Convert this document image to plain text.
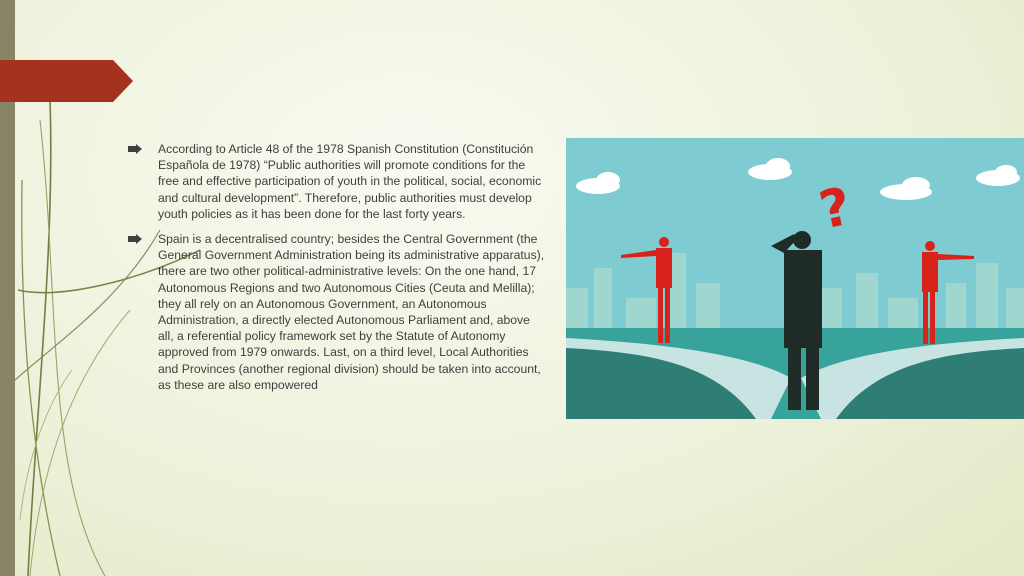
According to Article 48 of the 1978 Spanish Constitution (Constitución Española de 1978) “Public authorities will promote conditions for the free and effective participation of youth in the political, social, economic and cultural development”. Therefore, public authorities must develop youth policies as it has been done for the last forty years.
Spain is a decentralised country; besides the Central Government (the General Government Administration being its administrative apparatus), there are two other political-administrative levels: On the one hand, 17 Autonomous Regions and two Autonomous Cities (Ceuta and Melilla); they all rely on an Autonomous Government, an Autonomous Administration, a directly elected Autonomous Parliament and, above all, a referential policy framework set by the Statute of Autonomy approved from 1979 onwards. Last, on a third level, Local Authorities and Provinces (another regional division) should be taken into account, as these are also empowered
?
